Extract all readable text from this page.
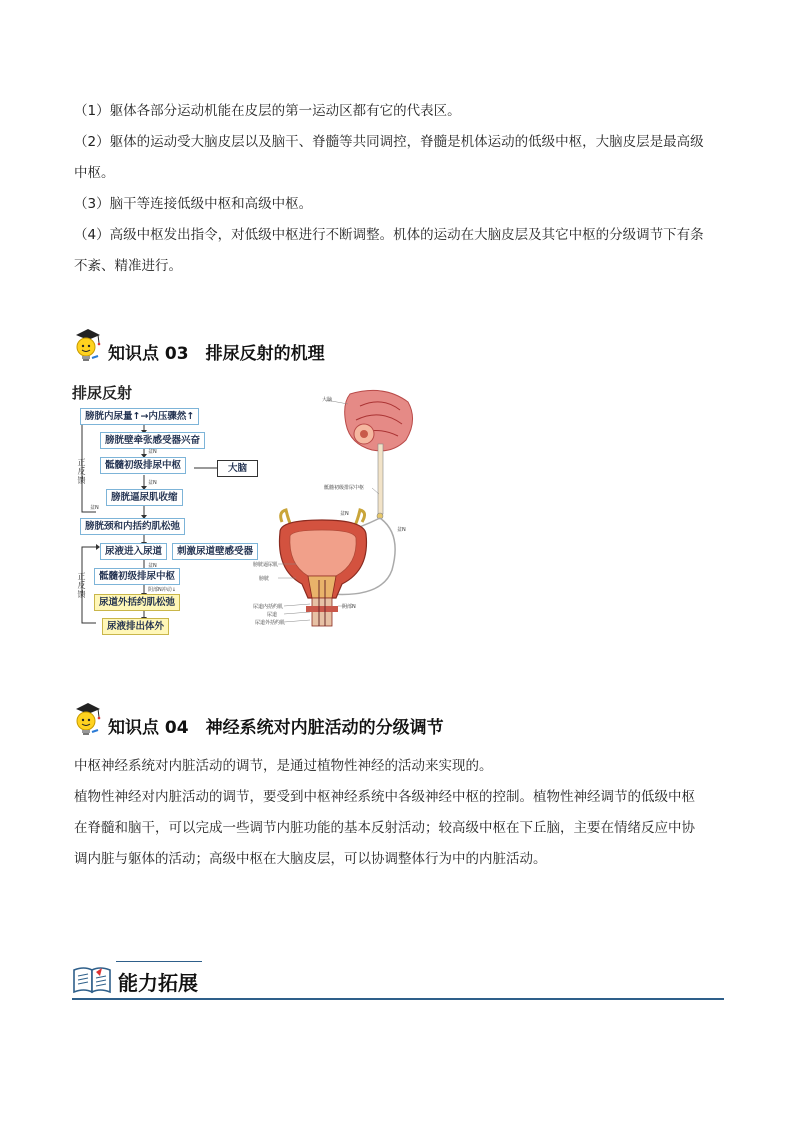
（1）躯体各部分运动机能在皮层的第一运动区都有它的代表区。

（2）躯体的运动受大脑皮层以及脑干、脊髓等共同调控，脊髓是机体运动的低级中枢，大脑皮层是最高级

中枢。

（3）脑干等连接低级中枢和高级中枢。

（4）高级中枢发出指令，对低级中枢进行不断调整。机体的运动在大脑皮层及其它中枢的分级调节下有条

不紊、精准进行。

知识点 03　排尿反射的机理
排尿反射
膀胱内尿量↑→内压骤然↑
膀胱壁牵张感受器兴奋
骶髓初级排尿中枢	大脑
膀胱逼尿肌收缩
膀胱颈和内括约肌松弛
尿液进入尿道	刺激尿道壁感受器
骶髓初级排尿中枢
尿道外括约肌松弛
尿液排出体外
正反馈
正反馈
盆N
盆N
盆N
盆N
阴部N冲动↓
大脑
骶髓初级排尿中枢
盆N
盆N
膀胱逼尿肌
膀胱
尿道内括约肌
尿道
尿道外括约肌
阴部N
知识点 04　神经系统对内脏活动的分级调节

中枢神经系统对内脏活动的调节，是通过植物性神经的活动来实现的。

植物性神经对内脏活动的调节，要受到中枢神经系统中各级神经中枢的控制。植物性神经调节的低级中枢

在脊髓和脑干，可以完成一些调节内脏功能的基本反射活动；较高级中枢在下丘脑，主要在情绪反应中协

调内脏与躯体的活动；高级中枢在大脑皮层，可以协调整体行为中的内脏活动。

能力拓展
